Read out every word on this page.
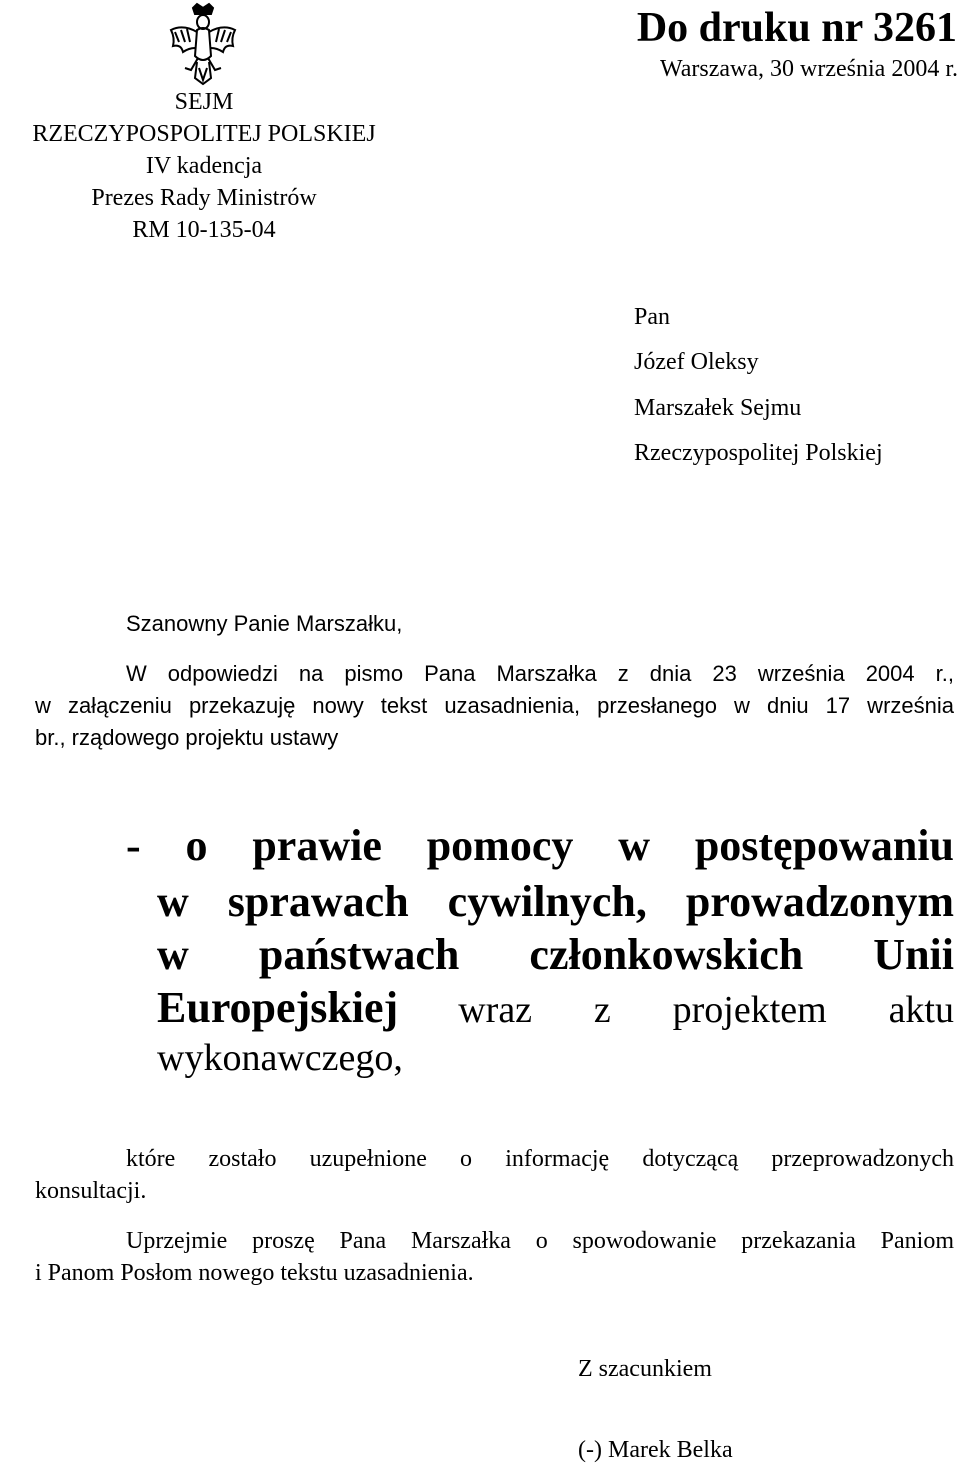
SEJM
RZECZYPOSPOLITEJ POLSKIEJ
IV kadencja
Prezes Rady Ministrów
RM 10-135-04
Do druku nr 3261
Warszawa, 30 września 2004 r.
Pan
Józef Oleksy
Marszałek Sejmu
Rzeczypospolitej Polskiej
Szanowny Panie Marszałku,
W odpowiedzi na pismo Pana Marszałka z dnia 23 września 2004 r.,
w załączeniu przekazuję nowy tekst uzasadnienia, przesłanego w dniu 17 września
br., rządowego projektu ustawy
- o prawie pomocy w postępowaniu
w sprawach cywilnych, prowadzonym
w państwach członkowskich Unii
Europejskiej wraz z projektem aktu
wykonawczego,
które zostało uzupełnione o informację dotyczącą przeprowadzonych
konsultacji.
Uprzejmie proszę Pana Marszałka o spowodowanie przekazania Paniom
i Panom Posłom nowego tekstu uzasadnienia.
Z szacunkiem
(-) Marek Belka
